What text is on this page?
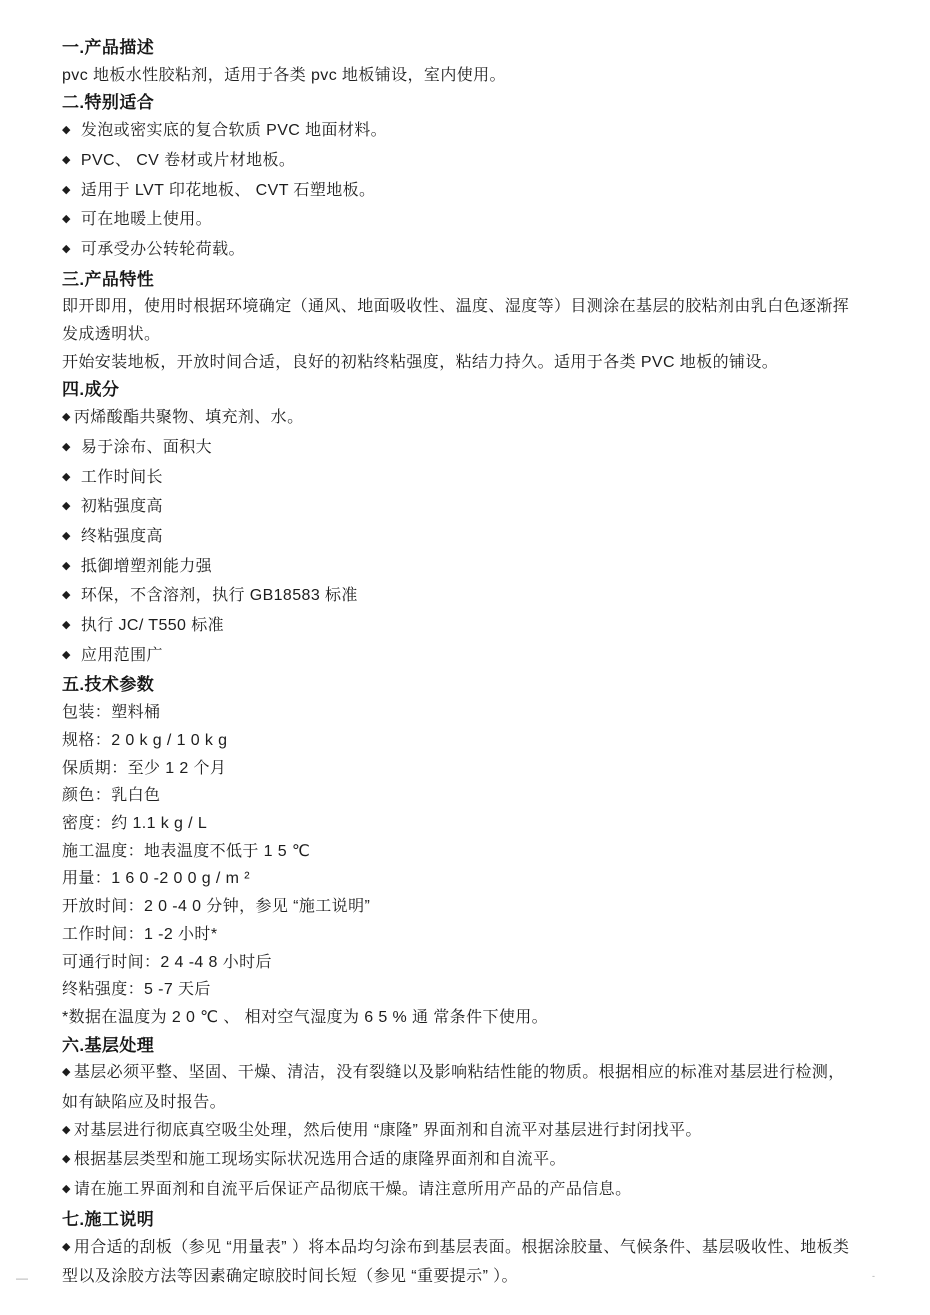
一.产品描述

pvc 地板水性胶粘剂，适用于各类 pvc 地板铺设，室内使用。

二.特别适合
◆ 发泡或密实底的复合软质 PVC 地面材料。
◆ PVC、 CV 卷材或片材地板。
◆ 适用于 LVT 印花地板、 CVT 石塑地板。
◆ 可在地暖上使用。
◆ 可承受办公转轮荷载。
三.产品特性

即开即用，使用时根据环境确定（通风、地面吸收性、温度、湿度等）目测涂在基层的胶粘剂由乳白色逐渐挥发成透明状。

开始安装地板，开放时间合适，良好的初粘终粘强度，粘结力持久。适用于各类 PVC 地板的铺设。

四.成分
◆ 丙烯酸酯共聚物、填充剂、水。
◆ 易于涂布、面积大
◆ 工作时间长
◆ 初粘强度高
◆ 终粘强度高
◆ 抵御增塑剂能力强
◆ 环保，不含溶剂，执行 GB18583 标准
◆ 执行 JC/ T550 标准
◆ 应用范围广
五.技术参数
包装：塑料桶
规格：2 0 k g / 1 0 k g
保质期：至少 1 2 个月
颜色：乳白色
密度：约 1.1 k g / L
施工温度：地表温度不低于 1 5 ℃
用量：1 6 0 -2 0 0 g / m ²
开放时间：2 0 -4 0 分钟，参见 “施工说明”
工作时间：1 -2 小时*
可通行时间：2 4 -4 8 小时后
终粘强度：5 -7 天后
*数据在温度为 2 0 ℃ 、 相对空气湿度为 6 5 % 通 常条件下使用。
六.基层处理
◆ 基层必须平整、坚固、干燥、清洁，没有裂缝以及影响粘结性能的物质。根据相应的标准对基层进行检测，如有缺陷应及时报告。
◆ 对基层进行彻底真空吸尘处理，然后使用 “康隆” 界面剂和自流平对基层进行封闭找平。
◆ 根据基层类型和施工现场实际状况选用合适的康隆界面剂和自流平。
◆ 请在施工界面剂和自流平后保证产品彻底干燥。请注意所用产品的产品信息。
七.施工说明
◆ 用合适的刮板（参见 “用量表” ）将本品均匀涂布到基层表面。根据涂胶量、气候条件、基层吸收性、地板类型以及涂胶方法等因素确定晾胶时间长短（参见 “重要提示” ）。
—	-
